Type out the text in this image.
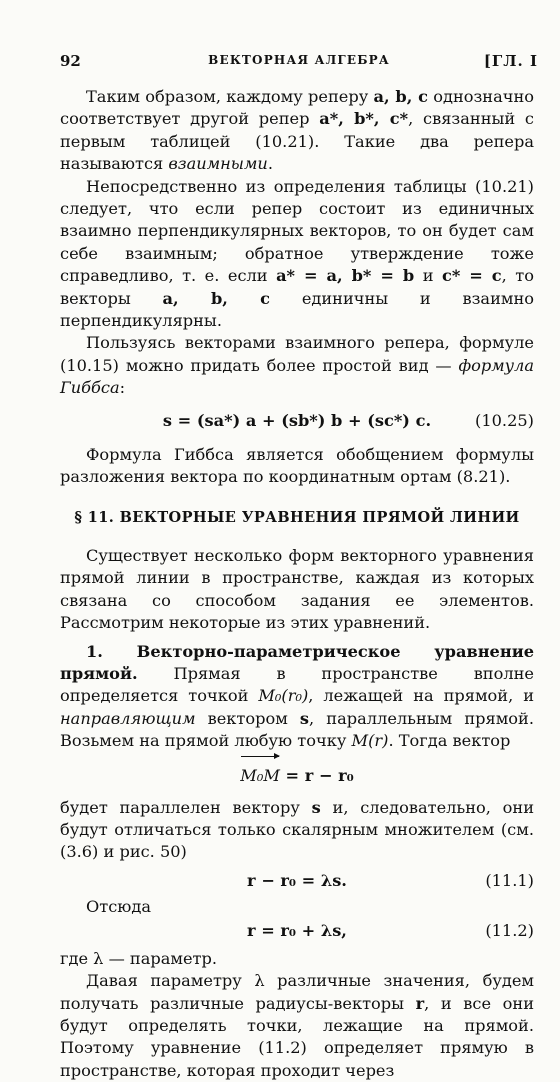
92	ВЕКТОРНАЯ АЛГЕБРА	[ГЛ. I

Таким образом, каждому реперу a, b, c однозначно соответствует другой репер a*, b*, c*, связанный с первым таблицей (10.21). Такие два репера называются взаимными.

Непосредственно из определения таблицы (10.21) следует, что если репер состоит из единичных взаимно перпендикулярных векторов, то он будет сам себе взаимным; обратное утверждение тоже справедливо, т. е. если a* = a, b* = b и c* = c, то векторы a, b, c единичны и взаимно перпендикулярны.

Пользуясь векторами взаимного репера, формуле (10.15) можно придать более простой вид — формула Гиббса:

s = (sa*) a + (sb*) b + (sc*) c.	(10.25)

Формула Гиббса является обобщением формулы разложения вектора по координатным ортам (8.21).

§ 11. ВЕКТОРНЫЕ УРАВНЕНИЯ ПРЯМОЙ ЛИНИИ

Существует несколько форм векторного уравнения прямой линии в пространстве, каждая из которых связана со способом задания ее элементов. Рассмотрим некоторые из этих уравнений.

1. Векторно-параметрическое уравнение прямой. Прямая в пространстве вполне определяется точкой M₀(r₀), лежащей на прямой, и направляющим вектором s, параллельным прямой. Возьмем на прямой любую точку M(r). Тогда вектор

M₀M = r − r₀

будет параллелен вектору s и, следовательно, они будут отличаться только скалярным множителем (см. (3.6) и рис. 50)

r − r₀ = λs.	(11.1)

Отсюда

r = r₀ + λs,	(11.2)

где λ — параметр.

Давая параметру λ различные значения, будем получать различные радиусы-векторы r, и все они будут определять точки, лежащие на прямой. Поэтому уравнение (11.2) определяет прямую в пространстве, которая проходит через
